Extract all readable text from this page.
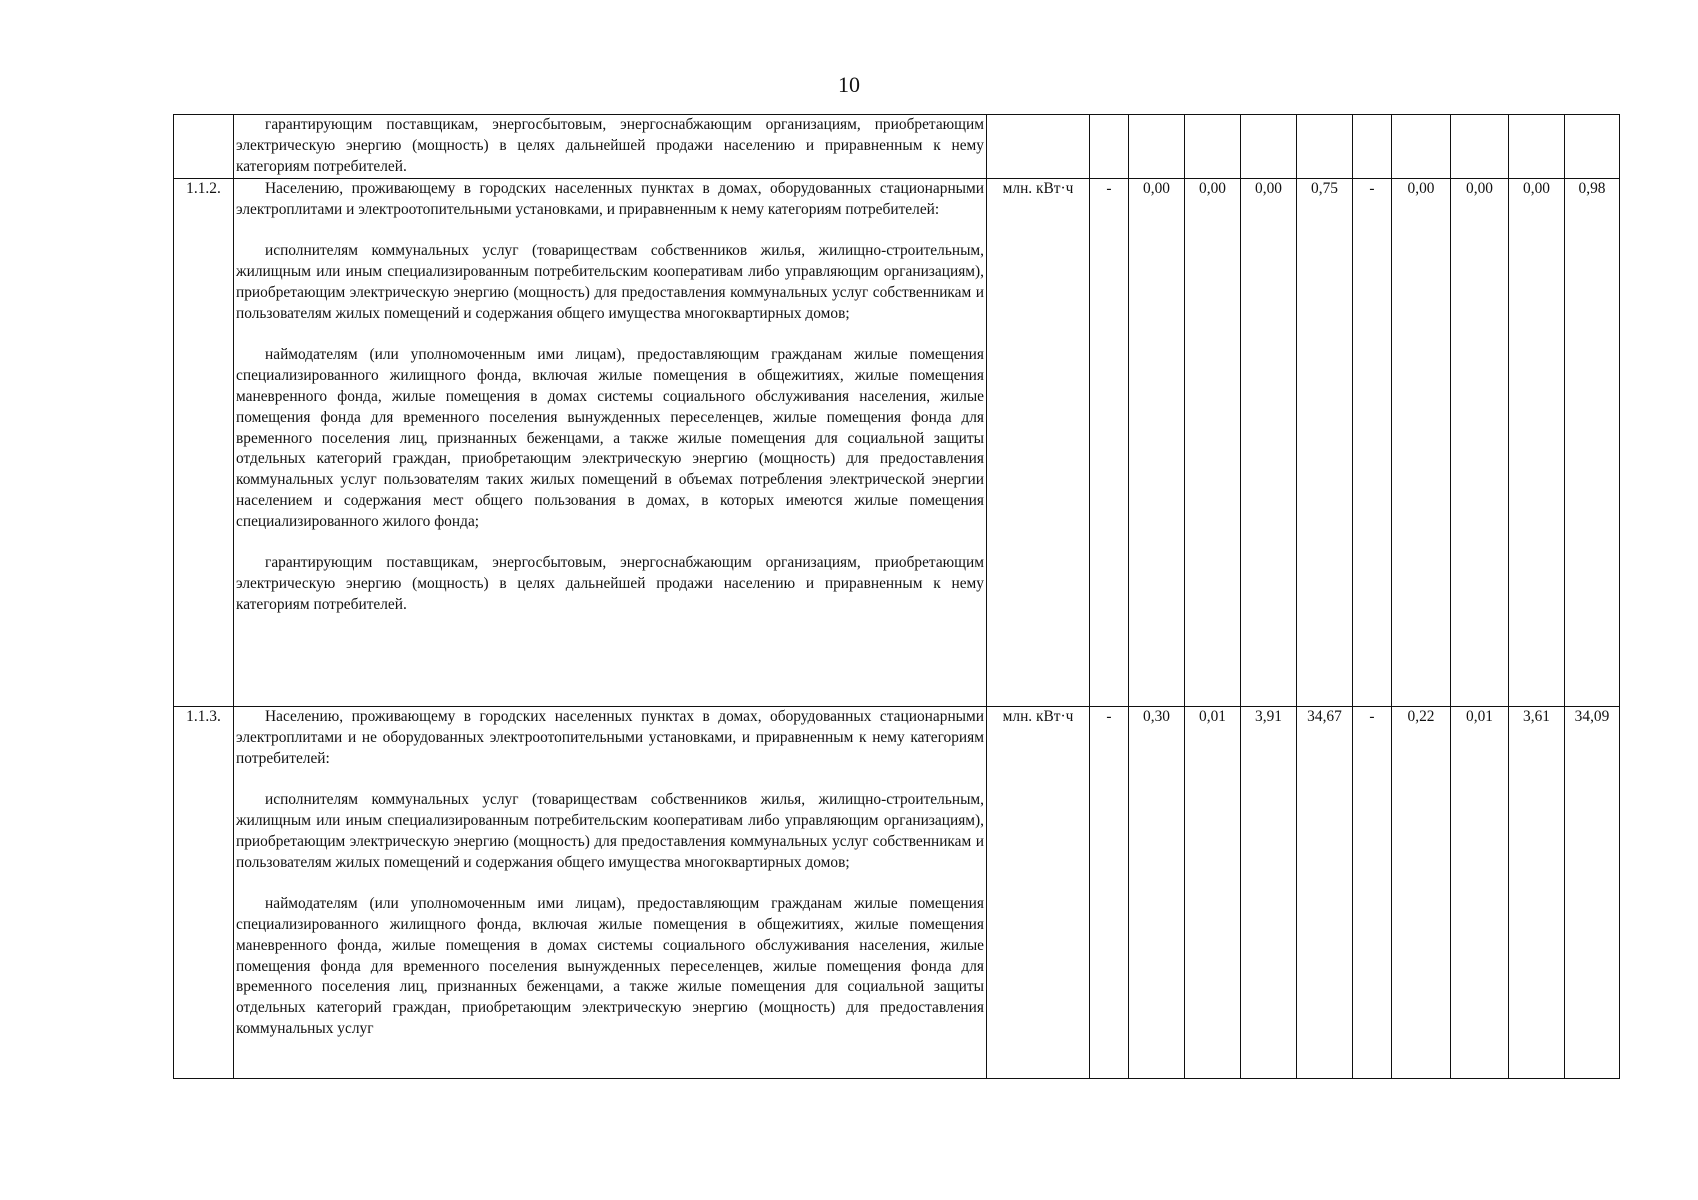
10

	гарантирующим поставщикам, энергосбытовым, энергоснабжающим организациям, приобретающим электрическую энергию (мощность) в целях дальнейшей продажи населению и приравненным к нему категориям потребителей.											

1.1.2.	Населению, проживающему в городских населенных пунктах в домах, оборудованных стационарными электроплитами и электроотопительными установками, и приравненным к нему категориям потребителей:

исполнителям коммунальных услуг (товариществам собственников жилья, жилищно-строительным, жилищным или иным специализированным потребительским кооперативам либо управляющим организациям), приобретающим электрическую энергию (мощность) для предоставления коммунальных услуг собственникам и пользователям жилых помещений и содержания общего имущества многоквартирных домов;

наймодателям (или уполномоченным ими лицам), предоставляющим гражданам жилые помещения специализированного жилищного фонда, включая жилые помещения в общежитиях, жилые помещения маневренного фонда, жилые помещения в домах системы социального обслуживания населения, жилые помещения фонда для временного поселения вынужденных переселенцев, жилые помещения фонда для временного поселения лиц, признанных беженцами, а также жилые помещения для социальной защиты отдельных категорий граждан, приобретающим электрическую энергию (мощность) для предоставления коммунальных услуг пользователям таких жилых помещений в объемах потребления электрической энергии населением и содержания мест общего пользования в домах, в которых имеются жилые помещения специализированного жилого фонда;

гарантирующим поставщикам, энергосбытовым, энергоснабжающим организациям, приобретающим электрическую энергию (мощность) в целях дальнейшей продажи населению и приравненным к нему категориям потребителей.	млн. кВт·ч	-	0,00	0,00	0,00	0,75	-	0,00	0,00	0,00	0,98
1.1.3.	Населению, проживающему в городских населенных пунктах в домах, оборудованных стационарными электроплитами и не оборудованных электроотопительными установками, и приравненным к нему категориям потребителей:

исполнителям коммунальных услуг (товариществам собственников жилья, жилищно-строительным, жилищным или иным специализированным потребительским кооперативам либо управляющим организациям), приобретающим электрическую энергию (мощность) для предоставления коммунальных услуг собственникам и пользователям жилых помещений и содержания общего имущества многоквартирных домов;

наймодателям (или уполномоченным ими лицам), предоставляющим гражданам жилые помещения специализированного жилищного фонда, включая жилые помещения в общежитиях, жилые помещения маневренного фонда, жилые помещения в домах системы социального обслуживания населения, жилые помещения фонда для временного поселения вынужденных переселенцев, жилые помещения фонда для временного поселения лиц, признанных беженцами, а также жилые помещения для социальной защиты отдельных категорий граждан, приобретающим электрическую энергию (мощность) для предоставления коммунальных услуг	млн. кВт·ч	-	0,30	0,01	3,91	34,67	-	0,22	0,01	3,61	34,09
